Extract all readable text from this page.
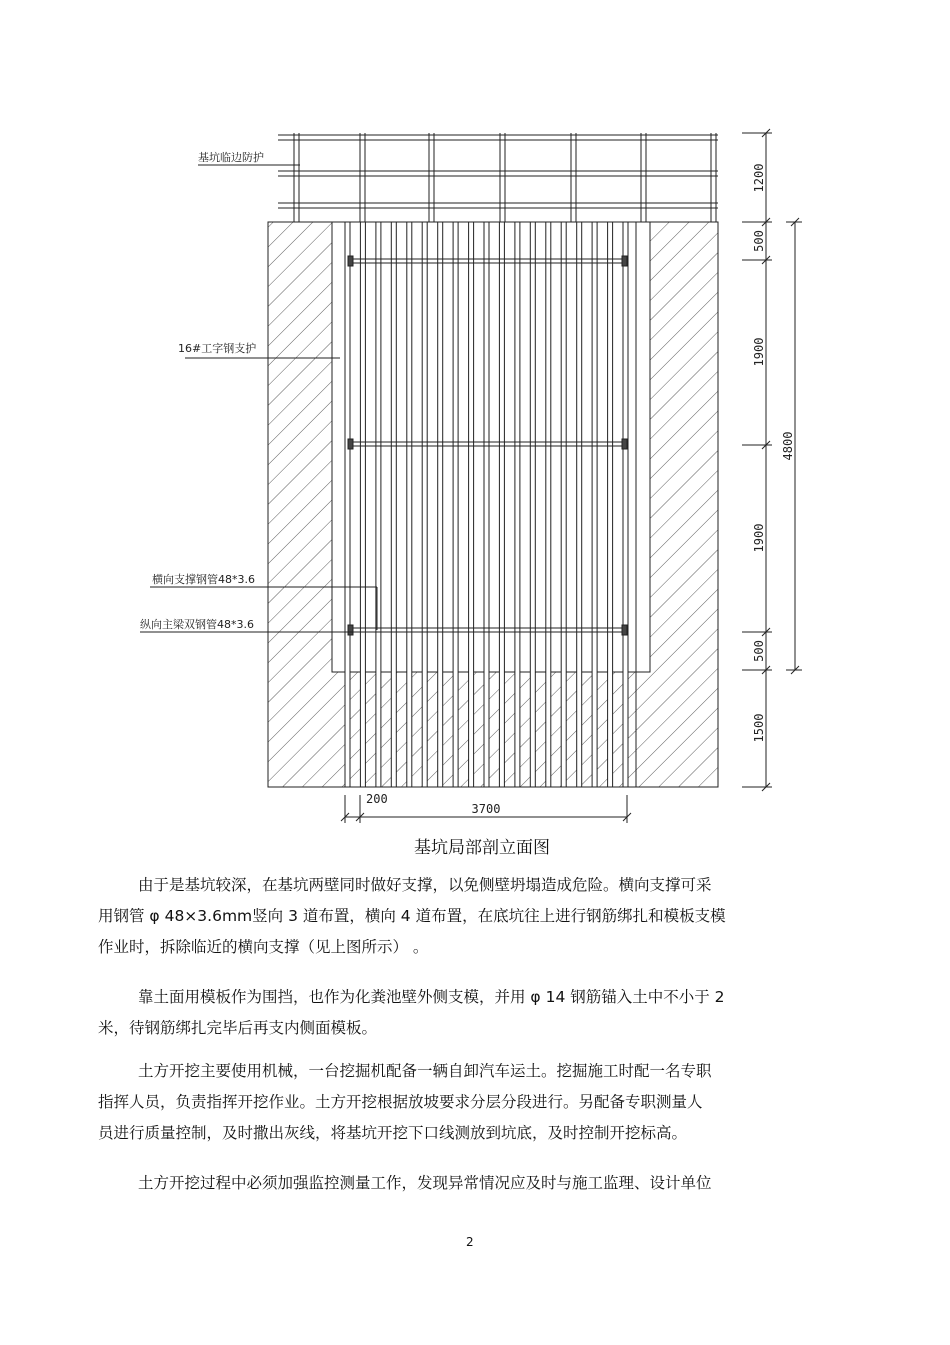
基坑临边防护
16#工字钢支护
横向支撑钢管48*3.6
纵向主梁双钢管48*3.6
1200
500
1900
1900
500
1500
4800
200
3700
基坑局部剖立面图

由于是基坑较深，在基坑两壁同时做好支撑，以免侧壁坍塌造成危险。横向支撑可采
用钢管 φ 48×3.6mm竖向 3 道布置，横向 4 道布置，在底坑往上进行钢筋绑扎和模板支模
作业时，拆除临近的横向支撑（见上图所示） 。

靠土面用模板作为围挡，也作为化粪池壁外侧支模，并用 φ 14 钢筋锚入土中不小于 2
米，待钢筋绑扎完毕后再支内侧面模板。

土方开挖主要使用机械，一台挖掘机配备一辆自卸汽车运土。挖掘施工时配一名专职
指挥人员，负责指挥开挖作业。土方开挖根据放坡要求分层分段进行。另配备专职测量人
员进行质量控制，及时撒出灰线，将基坑开挖下口线测放到坑底，及时控制开挖标高。

土方开挖过程中必须加强监控测量工作，发现异常情况应及时与施工监理、设计单位

2
